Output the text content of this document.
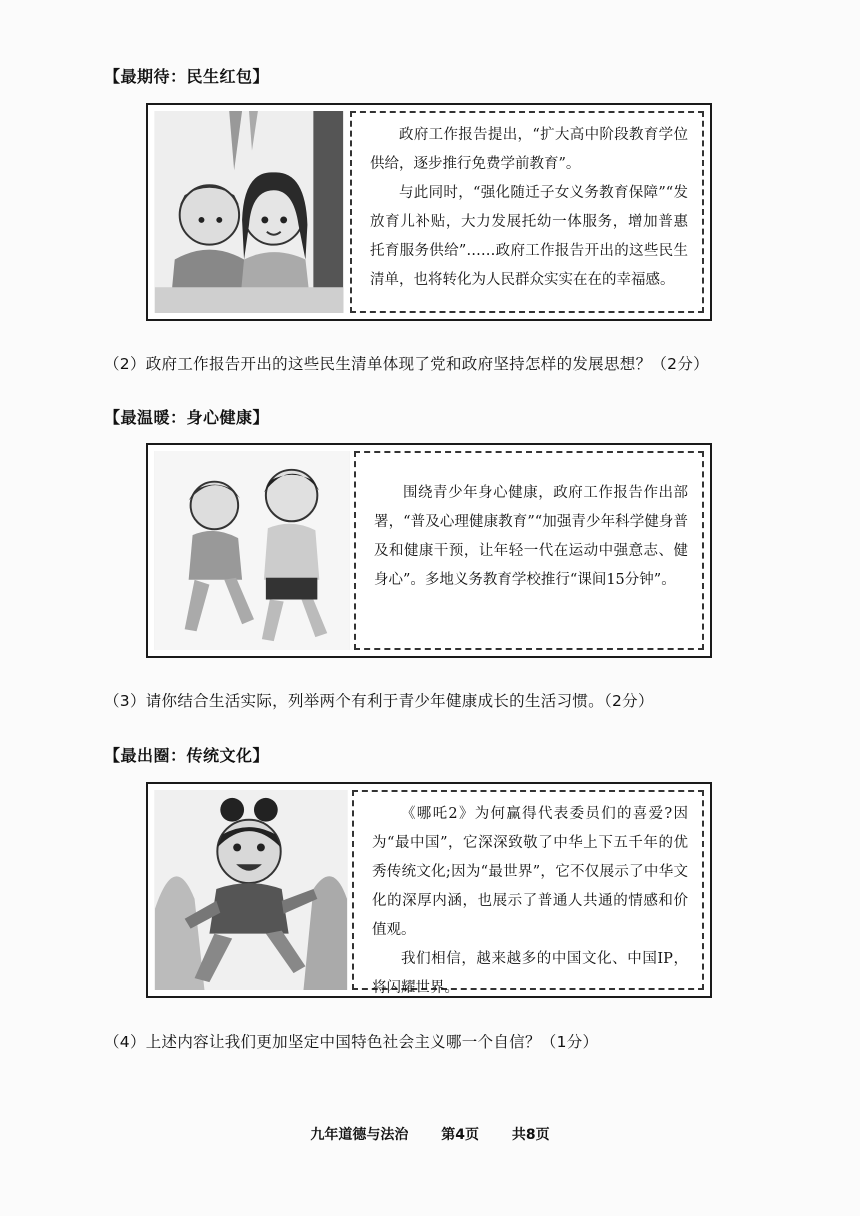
【最期待：民生红包】

政府工作报告提出，“扩大高中阶段教育学位供给，逐步推行免费学前教育”。

与此同时，“强化随迁子女义务教育保障”“发放育儿补贴，大力发展托幼一体服务，增加普惠托育服务供给”……政府工作报告开出的这些民生清单，也将转化为人民群众实实在在的幸福感。

（2）政府工作报告开出的这些民生清单体现了党和政府坚持怎样的发展思想？（2分）
【最温暖：身心健康】

围绕青少年身心健康，政府工作报告作出部署，“普及心理健康教育”“加强青少年科学健身普及和健康干预，让年轻一代在运动中强意志、健身心”。多地义务教育学校推行“课间15分钟”。

（3）请你结合生活实际，列举两个有利于青少年健康成长的生活习惯。（2分）
【最出圈：传统文化】

《哪吒2》为何赢得代表委员们的喜爱?因为“最中国”，它深深致敬了中华上下五千年的优秀传统文化;因为“最世界”，它不仅展示了中华文化的深厚内涵，也展示了普通人共通的情感和价值观。

我们相信，越来越多的中国文化、中国IP，将闪耀世界。

（4）上述内容让我们更加坚定中国特色社会主义哪一个自信？（1分）
九年道德与法治 第4页 共8页
